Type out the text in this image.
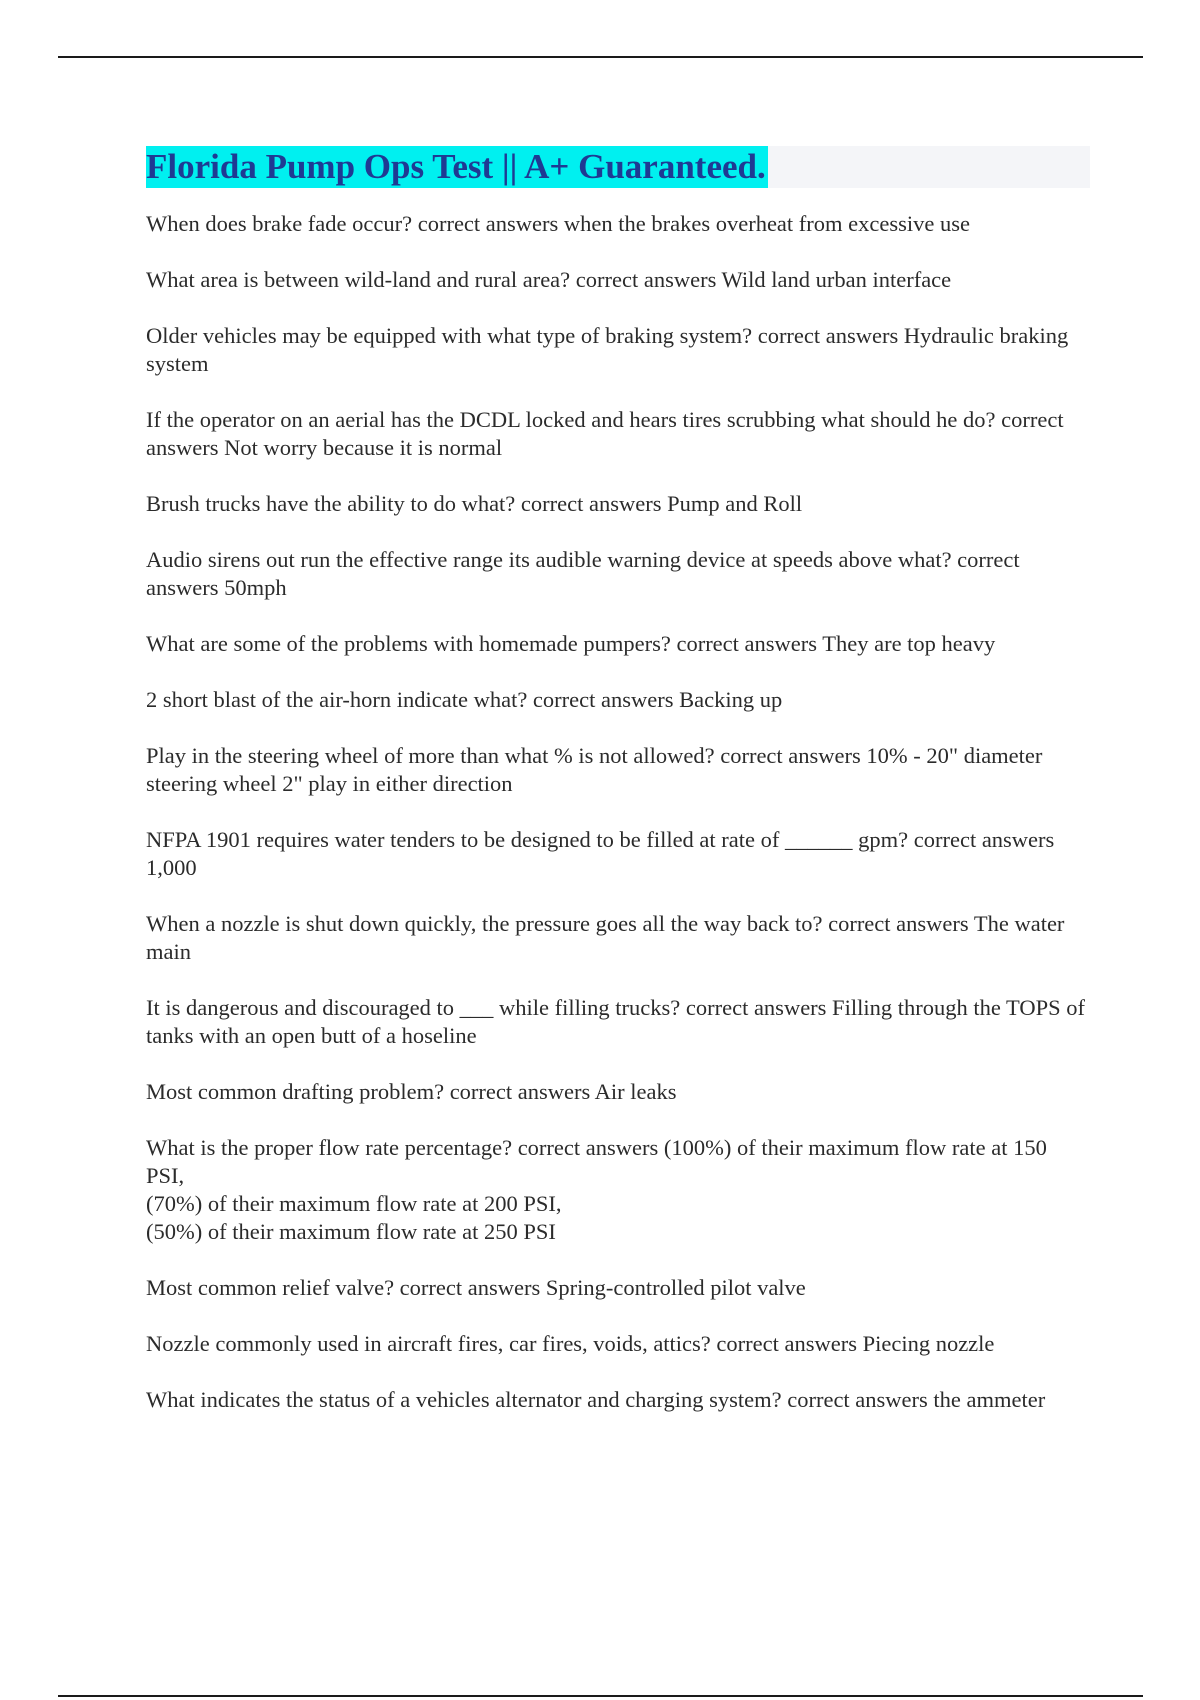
Florida Pump Ops Test || A+ Guaranteed.

When does brake fade occur? correct answers when the brakes overheat from excessive use

What area is between wild-land and rural area? correct answers Wild land urban interface

Older vehicles may be equipped with what type of braking system? correct answers Hydraulic braking system

If the operator on an aerial has the DCDL locked and hears tires scrubbing what should he do? correct answers Not worry because it is normal

Brush trucks have the ability to do what? correct answers Pump and Roll

Audio sirens out run the effective range its audible warning device at speeds above what? correct answers 50mph

What are some of the problems with homemade pumpers? correct answers They are top heavy

2 short blast of the air-horn indicate what? correct answers Backing up

Play in the steering wheel of more than what % is not allowed? correct answers 10% - 20" diameter steering wheel 2" play in either direction

NFPA 1901 requires water tenders to be designed to be filled at rate of ______ gpm? correct answers 1,000

When a nozzle is shut down quickly, the pressure goes all the way back to? correct answers The water main

It is dangerous and discouraged to ___ while filling trucks? correct answers Filling through the TOPS of tanks with an open butt of a hoseline

Most common drafting problem? correct answers Air leaks

What is the proper flow rate percentage? correct answers (100%) of their maximum flow rate at 150 PSI,
(70%) of their maximum flow rate at 200 PSI,
(50%) of their maximum flow rate at 250 PSI

Most common relief valve? correct answers Spring-controlled pilot valve

Nozzle commonly used in aircraft fires, car fires, voids, attics? correct answers Piecing nozzle

What indicates the status of a vehicles alternator and charging system? correct answers the ammeter
